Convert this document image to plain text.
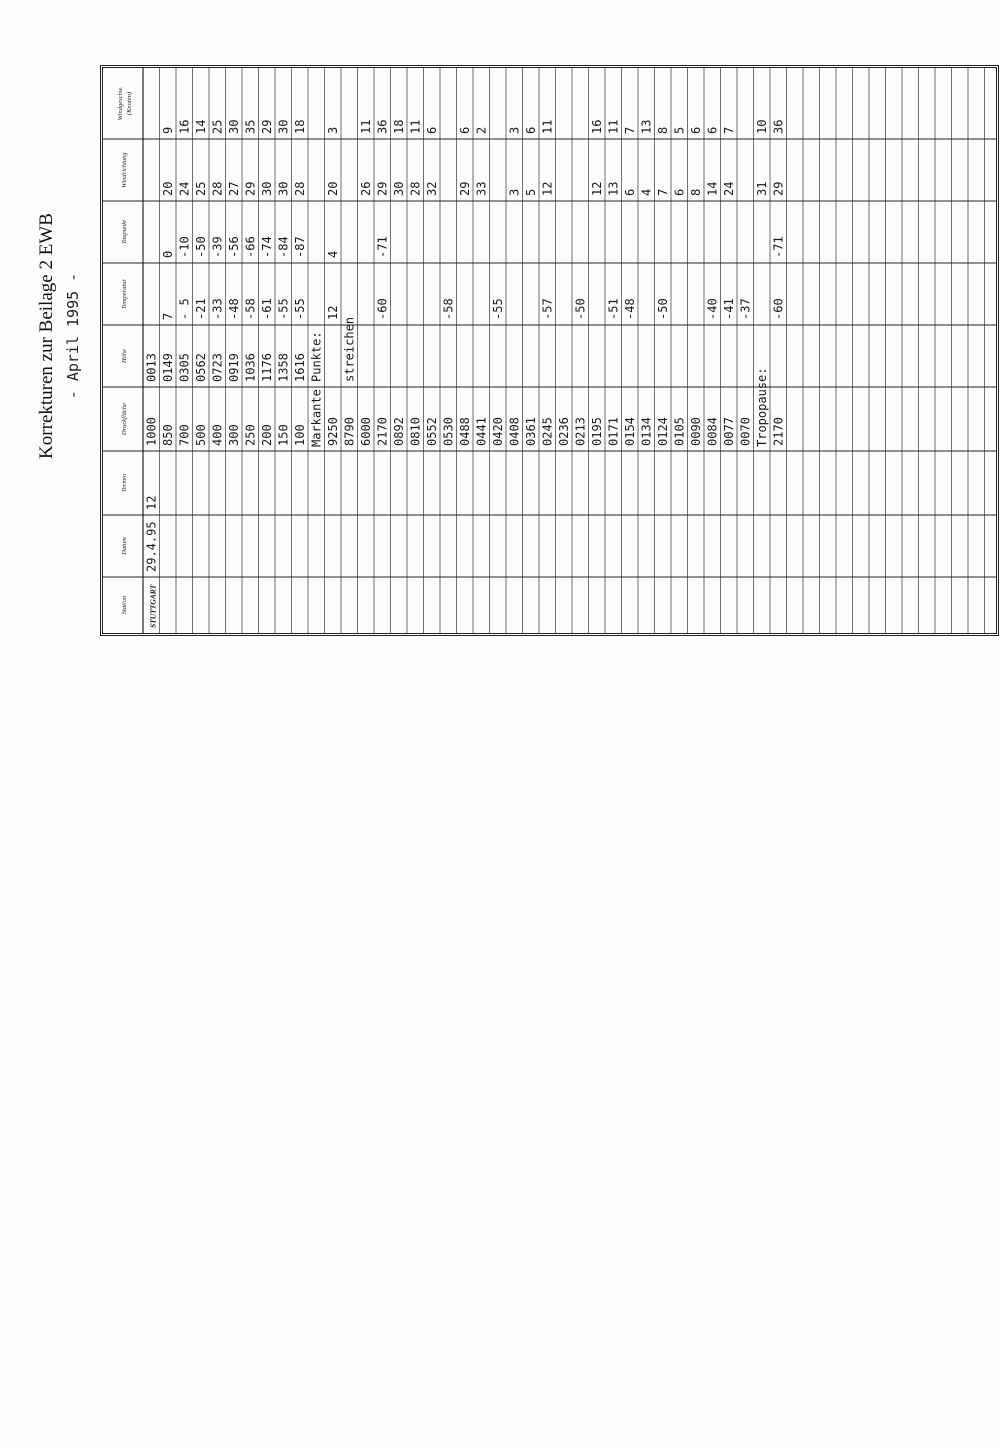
Korrekturen zur Beilage 2 EWB - April 1995 -
Station
Datum
Termin
Druckfläche
Höhe
Temperatur
Taupunkt
Windrichtung
Windgeschw. (Knoten)
STUTTGART
29.4.95
12
1000
0013
850
0149
7
0
20
9
700
0305
- 5
-10
24
16
500
0562
-21
-50
25
14
400
0723
-33
-39
28
25
300
0919
-48
-56
27
30
250
1036
-58
-66
29
35
200
1176
-61
-74
30
29
150
1358
-55
-84
30
30
100
1616
-55
-87
28
18
Markante Punkte: 9250
12
4
20
3
8790
streichen
6000
26
11
2170
-60
-71
29
36
0892
30
18
0810
28
11
0552
32
6
0530
-58
0488
29
6
0441
33
2
0420
-55
0408
3
3
0361
5
6
0245
-57
12
11
0236 0213
-50
0195
12
16
0171
-51
13
11
0154
-48
6
7
0134
4
13
0124
-50
7
8
0105
6
5
0090
8
6
0084
-40
14
6
0077
-41
24
7
0070
-37
Tropopause:
31
10
2170
-60
-71
29
36
